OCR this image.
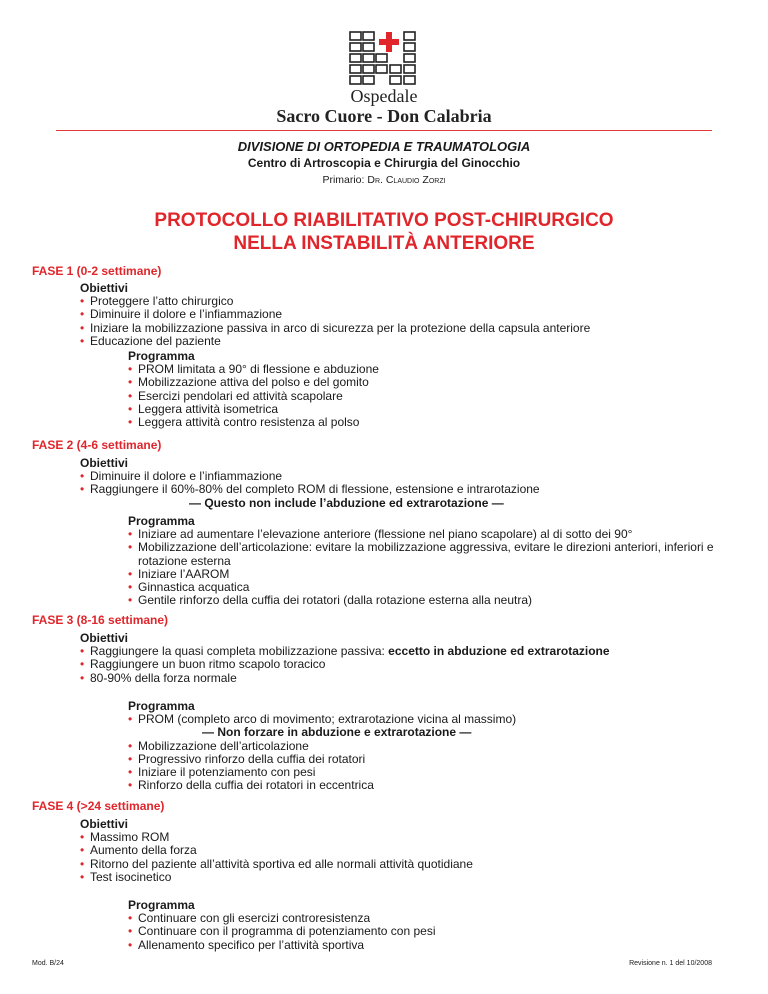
Ospedale
Sacro Cuore - Don Calabria
DIVISIONE DI ORTOPEDIA E TRAUMATOLOGIA
Centro di Artroscopia e Chirurgia del Ginocchio
Primario: Dr. Claudio Zorzi
PROTOCOLLO RIABILITATIVO POST-CHIRURGICO
NELLA INSTABILITÀ ANTERIORE
FASE 1 (0-2 settimane)
Obiettivi
• Proteggere l’atto chirurgico
• Diminuire il dolore e l’infiammazione
• Iniziare la mobilizzazione passiva in arco di sicurezza per la protezione della capsula anteriore
• Educazione del paziente
Programma
• PROM limitata a 90° di flessione e abduzione
• Mobilizzazione attiva del polso e del gomito
• Esercizi pendolari ed attività scapolare
• Leggera attività isometrica
• Leggera attività contro resistenza al polso
FASE 2 (4-6 settimane)
Obiettivi
• Diminuire il dolore e l’infiammazione
• Raggiungere il 60%-80% del completo ROM di flessione, estensione e intrarotazione
— Questo non include l’abduzione ed extrarotazione —
Programma
• Iniziare ad aumentare l’elevazione anteriore (flessione nel piano scapolare) al di sotto dei 90°
• Mobilizzazione dell’articolazione: evitare la mobilizzazione aggressiva, evitare le direzioni anteriori, inferiori e rotazione esterna
• Iniziare l’AAROM
• Ginnastica acquatica
• Gentile rinforzo della cuffia dei rotatori (dalla rotazione esterna alla neutra)
FASE 3 (8-16 settimane)
Obiettivi
• Raggiungere la quasi completa mobilizzazione passiva: eccetto in abduzione ed extrarotazione
• Raggiungere un buon ritmo scapolo toracico
• 80-90% della forza normale
Programma
• PROM (completo arco di movimento; extrarotazione vicina al massimo)
— Non forzare in abduzione e extrarotazione —
• Mobilizzazione dell’articolazione
• Progressivo rinforzo della cuffia dei rotatori
• Iniziare il potenziamento con pesi
• Rinforzo della cuffia dei rotatori in eccentrica
FASE 4 (>24 settimane)
Obiettivi
• Massimo ROM
• Aumento della forza
• Ritorno del paziente all’attività sportiva ed alle normali attività quotidiane
• Test isocinetico
Programma
• Continuare con gli esercizi controresistenza
• Continuare con il programma di potenziamento con pesi
• Allenamento specifico per l’attività sportiva
Mod. B/24	Revisione n. 1 del 10/2008
